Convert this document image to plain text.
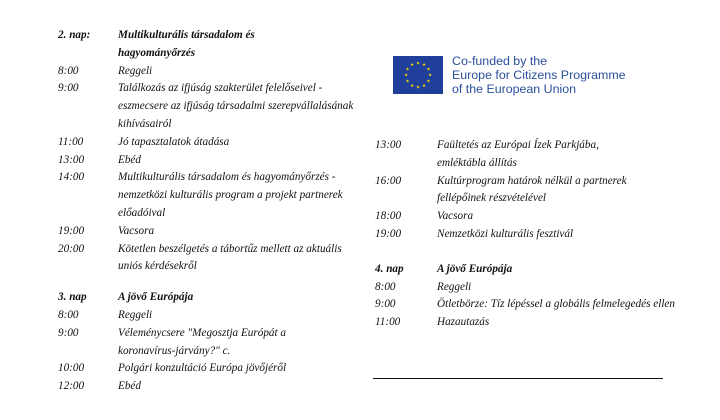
2. nap:	Multikulturális társadalom és hagyományőrzés
8:00	Reggeli
9:00	Találkozás az ifjúság szakterület felelőseivel - eszmecsere az ifjúság társadalmi szerepvállalásának kihívásairól
11:00	Jó tapasztalatok átadása
13:00	Ebéd
14:00	Multikulturális társadalom és hagyományőrzés - nemzetközi kulturális program a projekt partnerek előadóival
19:00	Vacsora
20:00	Kötetlen beszélgetés a tábortűz mellett az aktuális uniós kérdésekről
3. nap	A jövő Európája
8:00	Reggeli
9:00	Véleménycsere "Megosztja Európát a koronavírus-járvány?" c.
10:00	Polgári konzultáció Európa jövőjéről
12:00	Ebéd
★ ★
★
★
★
★
★
★
★
★
★
★	Co-funded by the
Europe for Citizens Programme
of the European Union
13:00	Faültetés az Európai Ízek Parkjába, emléktábla állítás
16:00	Kultúrprogram határok nélkül a partnerek fellépőinek részvételével
18:00	Vacsora
19:00	Nemzetközi kulturális fesztivál
4. nap	A jövő Európája
8:00	Reggeli
9:00	Ötletbörze: Tíz lépéssel a globális felmelegedés ellen
11:00	Hazautazás
